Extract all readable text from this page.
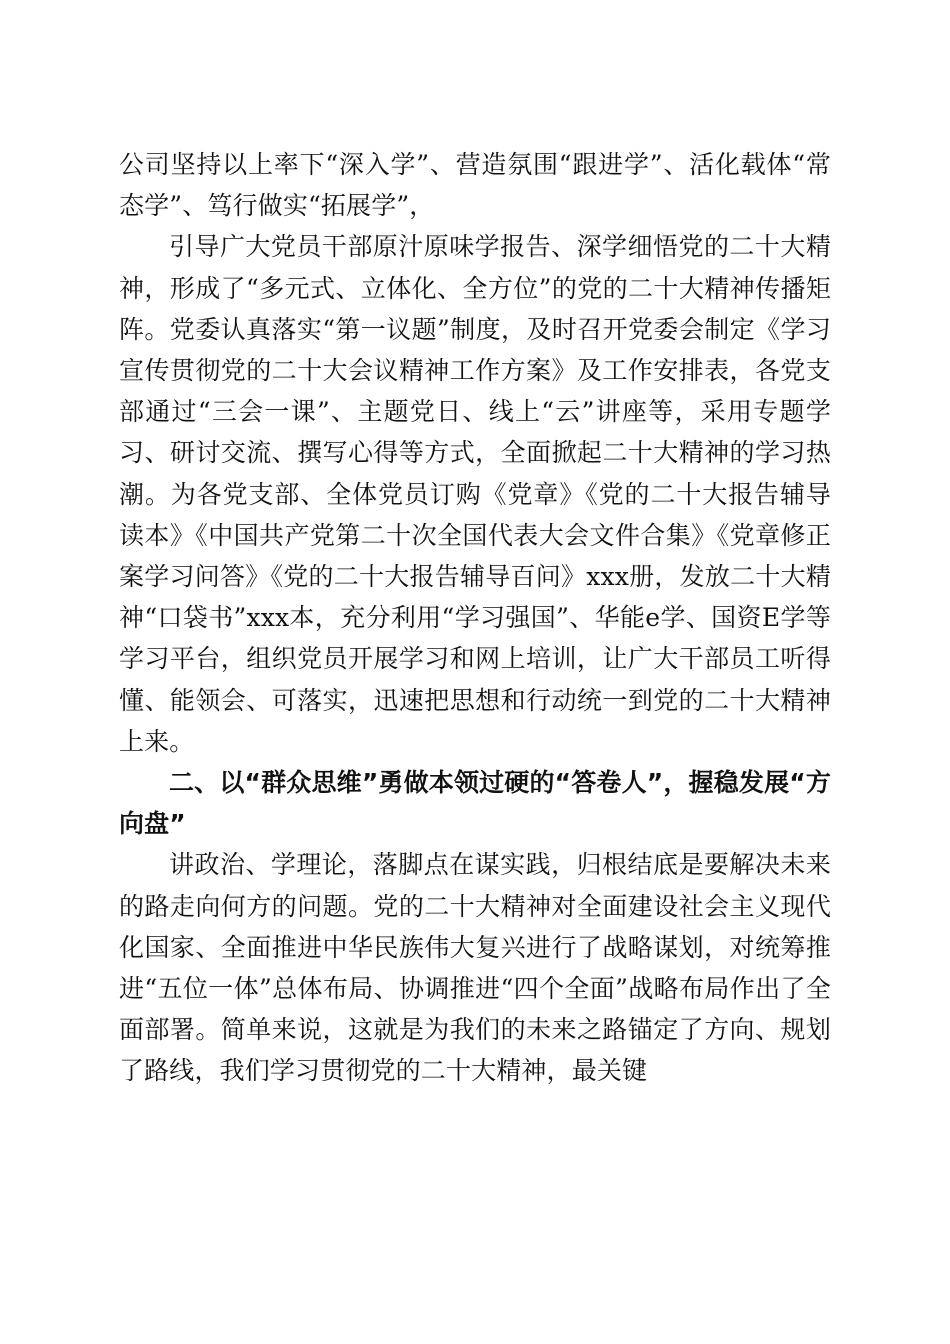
公司坚持以上率下“深入学”、营造氛围“跟进学”、活化载体“常态学”、笃行做实“拓展学”，

引导广大党员干部原汁原味学报告、深学细悟党的二十大精神，形成了“多元式、立体化、全方位”的党的二十大精神传播矩阵。党委认真落实“第一议题”制度，及时召开党委会制定《学习宣传贯彻党的二十大会议精神工作方案》及工作安排表，各党支部通过“三会一课”、主题党日、线上“云”讲座等，采用专题学习、研讨交流、撰写心得等方式，全面掀起二十大精神的学习热潮。为各党支部、全体党员订购《党章》《党的二十大报告辅导读本》《中国共产党第二十次全国代表大会文件合集》《党章修正案学习问答》《党的二十大报告辅导百问》xxx册，发放二十大精神“口袋书”xxx本，充分利用“学习强国”、华能e学、国资E学等学习平台，组织党员开展学习和网上培训，让广大干部员工听得懂、能领会、可落实，迅速把思想和行动统一到党的二十大精神上来。

二、以“群众思维”勇做本领过硬的“答卷人”，握稳发展“方向盘”

讲政治、学理论，落脚点在谋实践，归根结底是要解决未来的路走向何方的问题。党的二十大精神对全面建设社会主义现代化国家、全面推进中华民族伟大复兴进行了战略谋划，对统筹推进“五位一体”总体布局、协调推进“四个全面”战略布局作出了全面部署。简单来说，这就是为我们的未来之路锚定了方向、规划了路线，我们学习贯彻党的二十大精神，最关键
